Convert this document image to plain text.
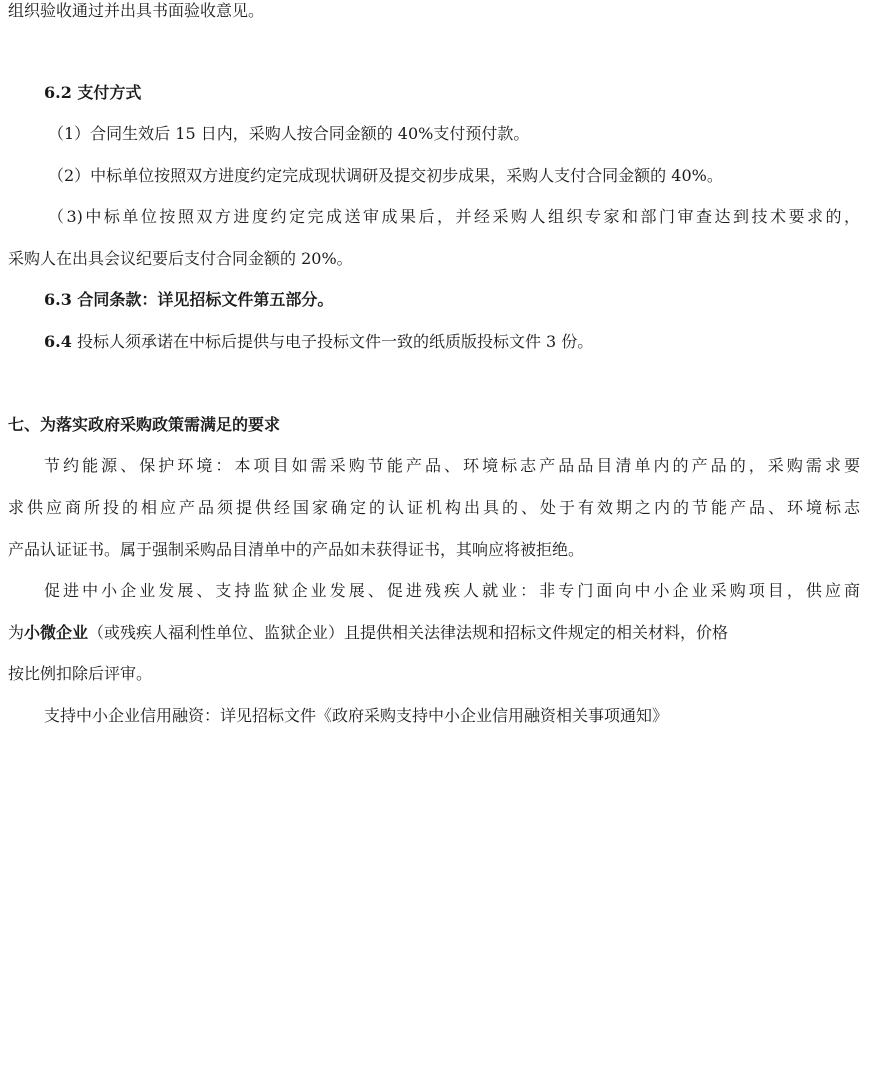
组织验收通过并出具书面验收意见。
6.2 支付方式
（1）合同生效后 15 日内，采购人按合同金额的 40%支付预付款。
（2）中标单位按照双方进度约定完成现状调研及提交初步成果，采购人支付合同金额的 40%。
（3)中标单位按照双方进度约定完成送审成果后，并经采购人组织专家和部门审查达到技术要求的，
采购人在出具会议纪要后支付合同金额的 20%。
6.3 合同条款：详见招标文件第五部分。
6.4 投标人须承诺在中标后提供与电子投标文件一致的纸质版投标文件 3 份。
七、为落实政府采购政策需满足的要求
节约能源、保护环境：本项目如需采购节能产品、环境标志产品品目清单内的产品的，采购需求要
求供应商所投的相应产品须提供经国家确定的认证机构出具的、处于有效期之内的节能产品、环境标志
产品认证证书。属于强制采购品目清单中的产品如未获得证书，其响应将被拒绝。
促进中小企业发展、支持监狱企业发展、促进残疾人就业：非专门面向中小企业采购项目，供应商
为小微企业（或残疾人福利性单位、监狱企业）且提供相关法律法规和招标文件规定的相关材料，价格
按比例扣除后评审。
支持中小企业信用融资：详见招标文件《政府采购支持中小企业信用融资相关事项通知》
